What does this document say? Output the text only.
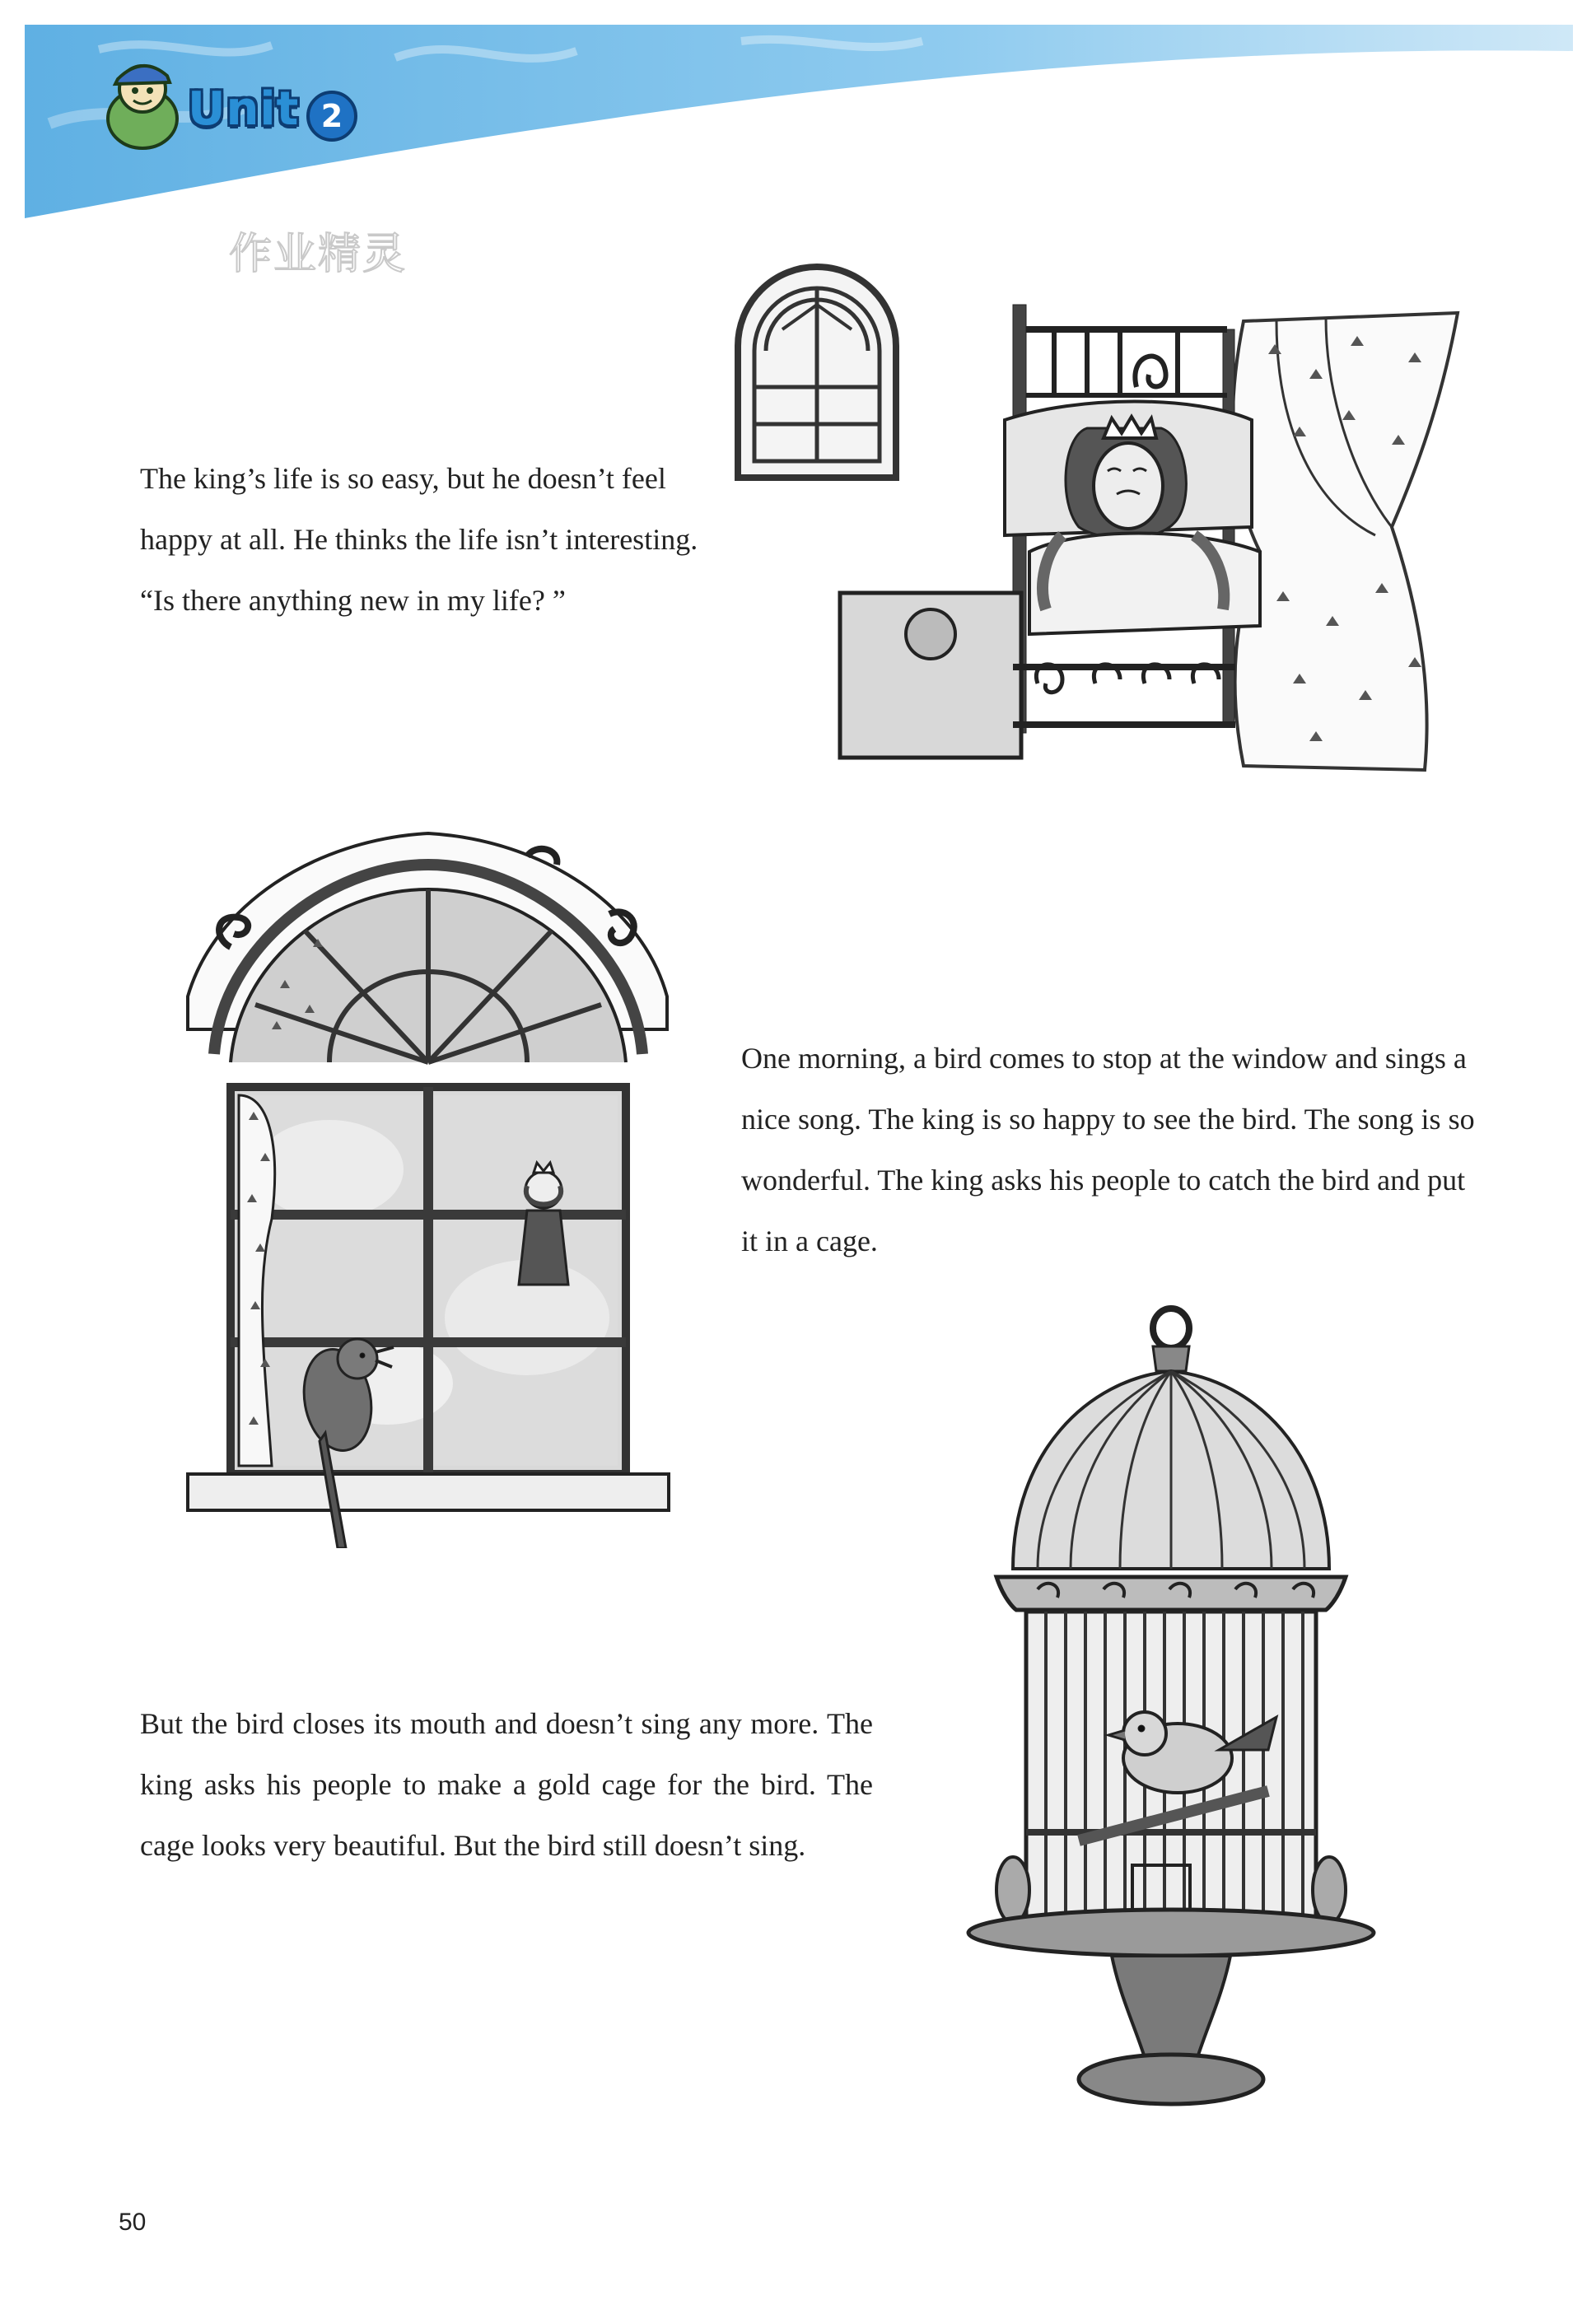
Unit 2
作业精灵

The king’s life is so easy, but he doesn’t feel happy at all. He thinks the life isn’t interesting. “Is there anything new in my life? ”

One morning, a bird comes to stop at the window and sings a nice song. The king is so happy to see the bird. The song is so wonderful. The king asks his people to catch the bird and put it in a cage.

But the bird closes its mouth and doesn’t sing any more. The king asks his people to make a gold cage for the bird. The cage looks very beautiful. But the bird still doesn’t sing.

50
